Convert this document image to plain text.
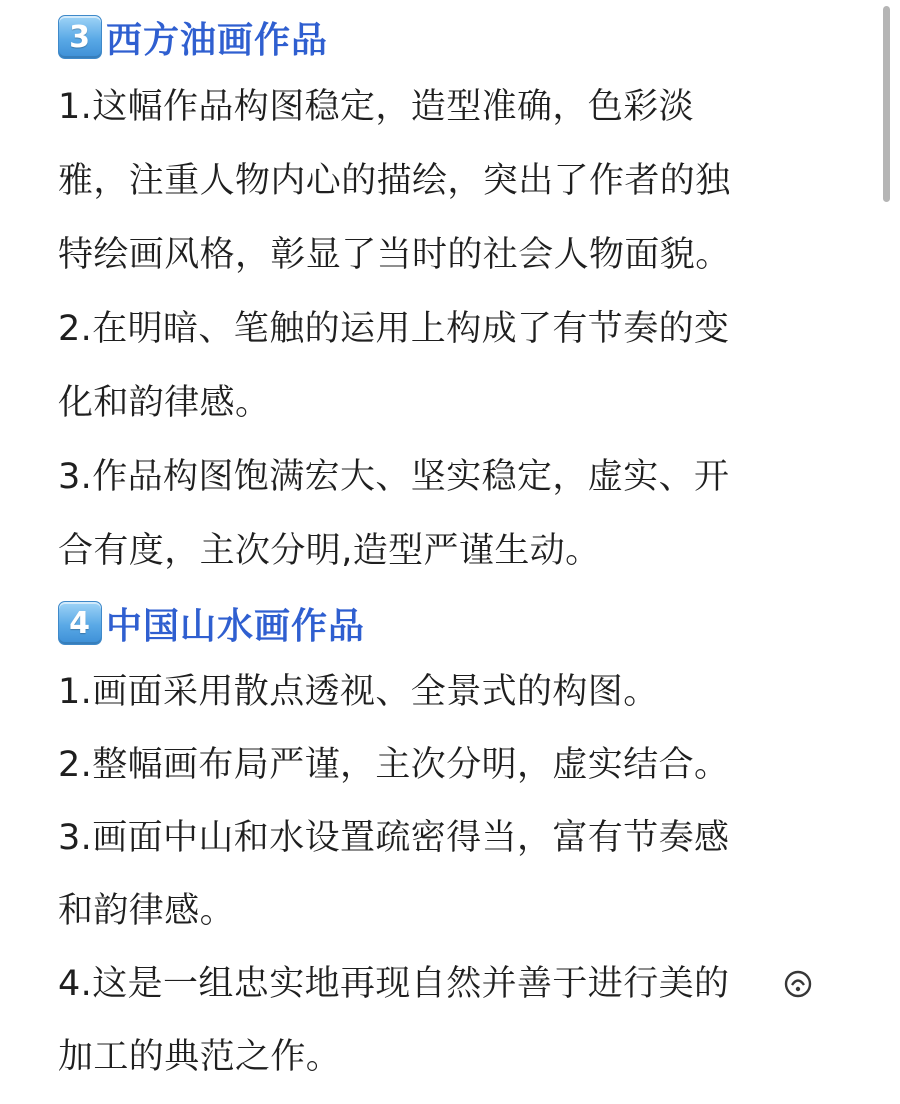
3 西方油画作品
1.这幅作品构图稳定，造型准确，色彩淡
雅，注重人物内心的描绘，突出了作者的独
特绘画风格，彰显了当时的社会人物面貌。
2.在明暗、笔触的运用上构成了有节奏的变
化和韵律感。
3.作品构图饱满宏大、坚实稳定，虚实、开
合有度，主次分明,造型严谨生动。
4 中国山水画作品
1.画面采用散点透视、全景式的构图。
2.整幅画布局严谨，主次分明，虚实结合。
3.画面中山和水设置疏密得当，富有节奏感
和韵律感。
4.这是一组忠实地再现自然并善于进行美的
加工的典范之作。
